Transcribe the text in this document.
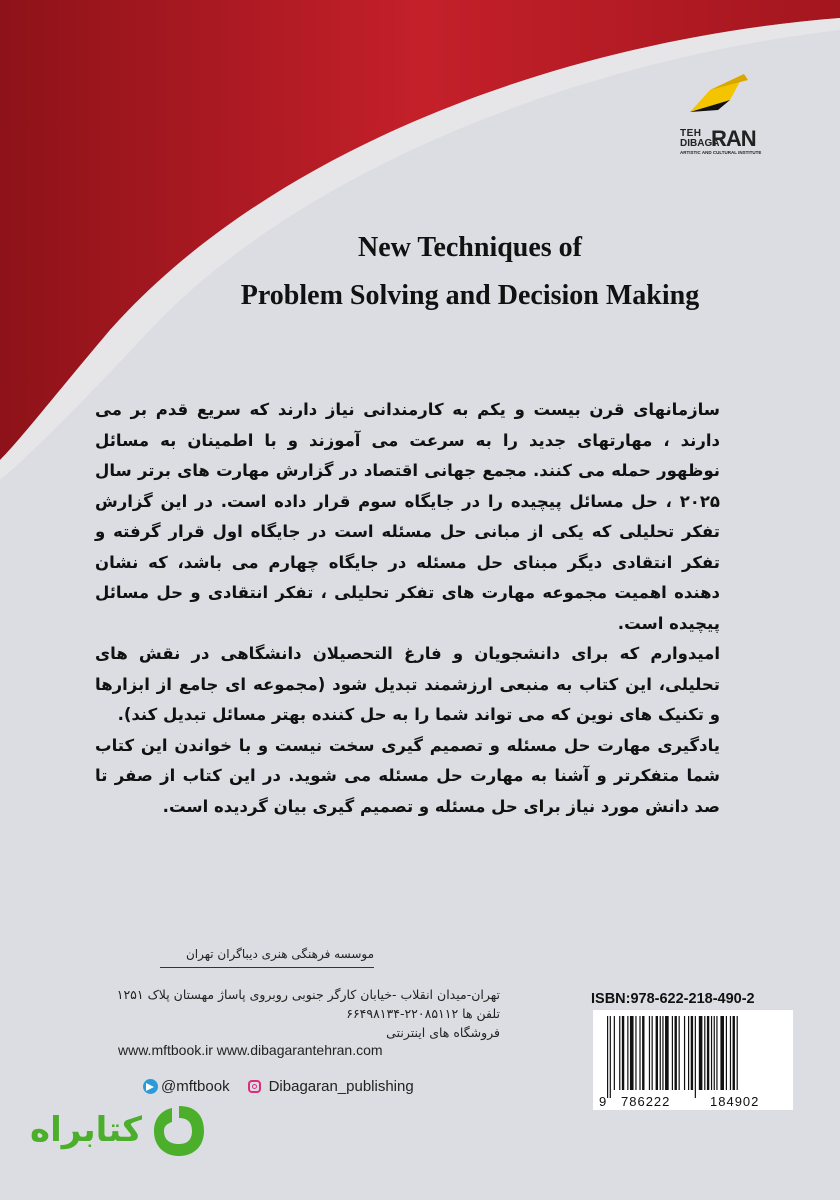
TEH
DIBAGA
RAN
ARTISTIC AND CULTURAL INSTITUTE
New Techniques of
Problem Solving and Decision Making

سازمانهای قرن بیست و یکم به کارمندانی نیاز دارند که سریع قدم بر می دارند ، مهارتهای جدید را به سرعت می آموزند و با اطمینان به مسائل نوظهور حمله می کنند. مجمع جهانی اقتصاد در گزارش مهارت های برتر سال ۲۰۲۵ ، حل مسائل پیچیده را در جایگاه سوم قرار داده است. در این گزارش تفکر تحلیلی که یکی از مبانی حل مسئله است در جایگاه اول قرار گرفته و تفکر انتقادی دیگر مبنای حل مسئله در جایگاه چهارم می باشد، که نشان دهنده اهمیت مجموعه مهارت های تفکر تحلیلی ، تفکر انتقادی و حل مسائل پیچیده است.

امیدوارم که برای دانشجویان و فارغ التحصیلان دانشگاهی در نقش های تحلیلی، این کتاب به منبعی ارزشمند تبدیل شود (مجموعه ای جامع از ابزارها و تکنیک های نوین که می تواند شما را به حل کننده بهتر مسائل تبدیل کند).

یادگیری مهارت حل مسئله و تصمیم گیری سخت نیست و با خواندن این کتاب شما متفکرتر و آشنا به مهارت حل مسئله می شوید. در این کتاب از صفر تا صد دانش مورد نیاز برای حل مسئله و تصمیم گیری بیان گردیده است.

موسسه فرهنگی هنری دیباگران تهران
تهران-میدان انقلاب -خیابان کارگر جنوبی روبروی پاساژ مهستان پلاک ۱۲۵۱
تلفن ها ۲۲۰۸۵۱۱۲-۶۶۴۹۸۱۳۴
فروشگاه های اینترنتی
www.mftbook.ir www.dibagarantehran.com
@mftbook	Dibagaran_publishing
ISBN:978-622-218-490-2
9 786222	184902
کتابراه
